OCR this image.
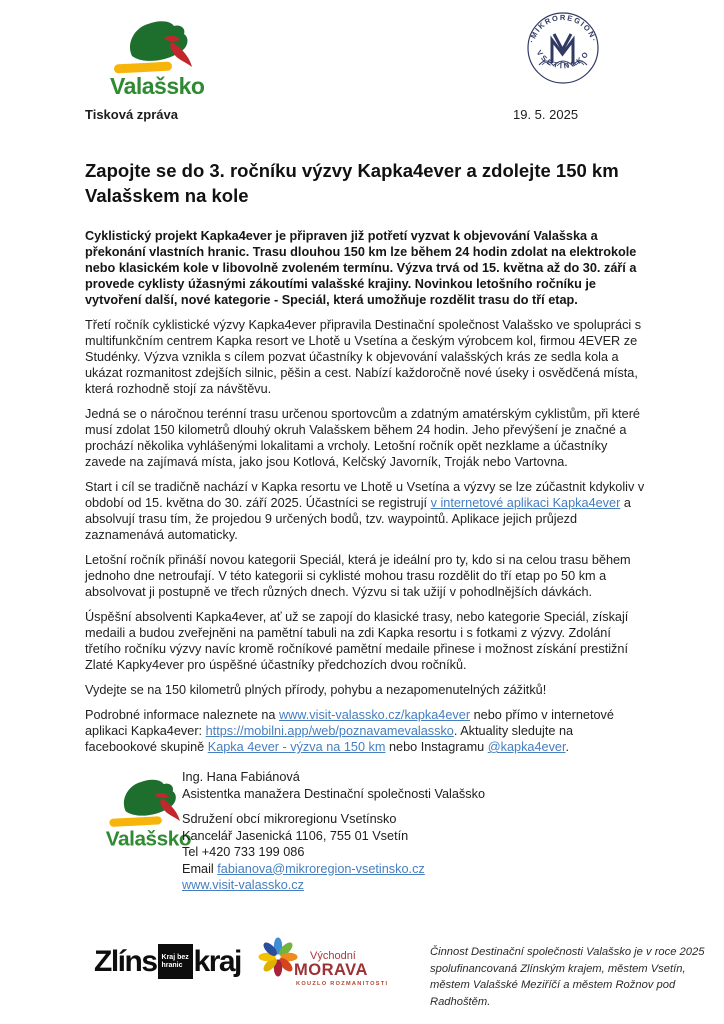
Valašsko
·MIKROREGION·
VSETÍNSKO
Tisková zpráva	19. 5. 2025
Zapojte se do 3. ročníku výzvy Kapka4ever a zdolejte 150 km Valašskem na kole

Cyklistický projekt Kapka4ever je připraven již potřetí vyzvat k objevování Valašska a překonání vlastních hranic. Trasu dlouhou 150 km lze během 24 hodin zdolat na elektrokole nebo klasickém kole v libovolně zvoleném termínu. Výzva trvá od 15. května až do 30. září a provede cyklisty úžasnými zákoutími valašské krajiny. Novinkou letošního ročníku je vytvoření další, nové kategorie - Speciál, která umožňuje rozdělit trasu do tří etap.

Třetí ročník cyklistické výzvy Kapka4ever připravila Destinační společnost Valašsko ve spolupráci s multifunkčním centrem Kapka resort ve Lhotě u Vsetína a českým výrobcem kol, firmou 4EVER ze Studénky. Výzva vznikla s cílem pozvat účastníky k objevování valašských krás ze sedla kola a ukázat rozmanitost zdejších silnic, pěšin a cest. Nabízí každoročně nové úseky i osvědčená místa, která rozhodně stojí za návštěvu.

Jedná se o náročnou terénní trasu určenou sportovcům a zdatným amatérským cyklistům, při které musí zdolat 150 kilometrů dlouhý okruh Valašskem během 24 hodin. Jeho převýšení je značné a prochází několika vyhlášenými lokalitami a vrcholy. Letošní ročník opět nezklame a účastníky zavede na zajímavá místa, jako jsou Kotlová, Kelčský Javorník, Troják nebo Vartovna.

Start i cíl se tradičně nachází v Kapka resortu ve Lhotě u Vsetína a výzvy se lze zúčastnit kdykoliv v období od 15. května do 30. září 2025. Účastníci se registrují v internetové aplikaci Kapka4ever a absolvují trasu tím, že projedou 9 určených bodů, tzv. waypointů. Aplikace jejich průjezd zaznamenává automaticky.

Letošní ročník přináší novou kategorii Speciál, která je ideální pro ty, kdo si na celou trasu během jednoho dne netroufají. V této kategorii si cyklisté mohou trasu rozdělit do tří etap po 50 km a absolvovat ji postupně ve třech různých dnech. Výzvu si tak užijí v pohodlnějších dávkách.

Úspěšní absolventi Kapka4ever, ať už se zapojí do klasické trasy, nebo kategorie Speciál, získají medaili a budou zveřejněni na pamětní tabuli na zdi Kapka resortu i s fotkami z výzvy. Zdolání třetího ročníku výzvy navíc kromě ročníkové pamětní medaile přinese i možnost získání prestižní Zlaté Kapky4ever pro úspěšné účastníky předchozích dvou ročníků.

Vydejte se na 150 kilometrů plných přírody, pohybu a nezapomenutelných zážitků!

Podrobné informace naleznete na www.visit-valassko.cz/kapka4ever nebo přímo v internetové aplikaci Kapka4ever: https://mobilni.app/web/poznavamevalassko. Aktuality sledujte na facebookové skupině Kapka 4ever - výzva na 150 km nebo Instagramu @kapka4ever.

Valašsko
Ing. Hana Fabiánová
Asistentka manažera Destinační společnosti Valašsko
Sdružení obcí mikroregionu Vsetínsko
Kancelář Jasenická 1106, 755 01 Vsetín
Tel +420 733 199 086
Email fabianova@mikroregion-vsetinsko.cz
www.visit-valassko.cz
Zlíns Kraj bez
hranic kraj	Východní
MORAVA
KOUZLO ROZMANITOSTI
Činnost Destinační společnosti Valašsko je v roce 2025 spolufinancovaná Zlínským krajem, městem Vsetín, městem Valašské Meziříčí a městem Rožnov pod Radhoštěm.
